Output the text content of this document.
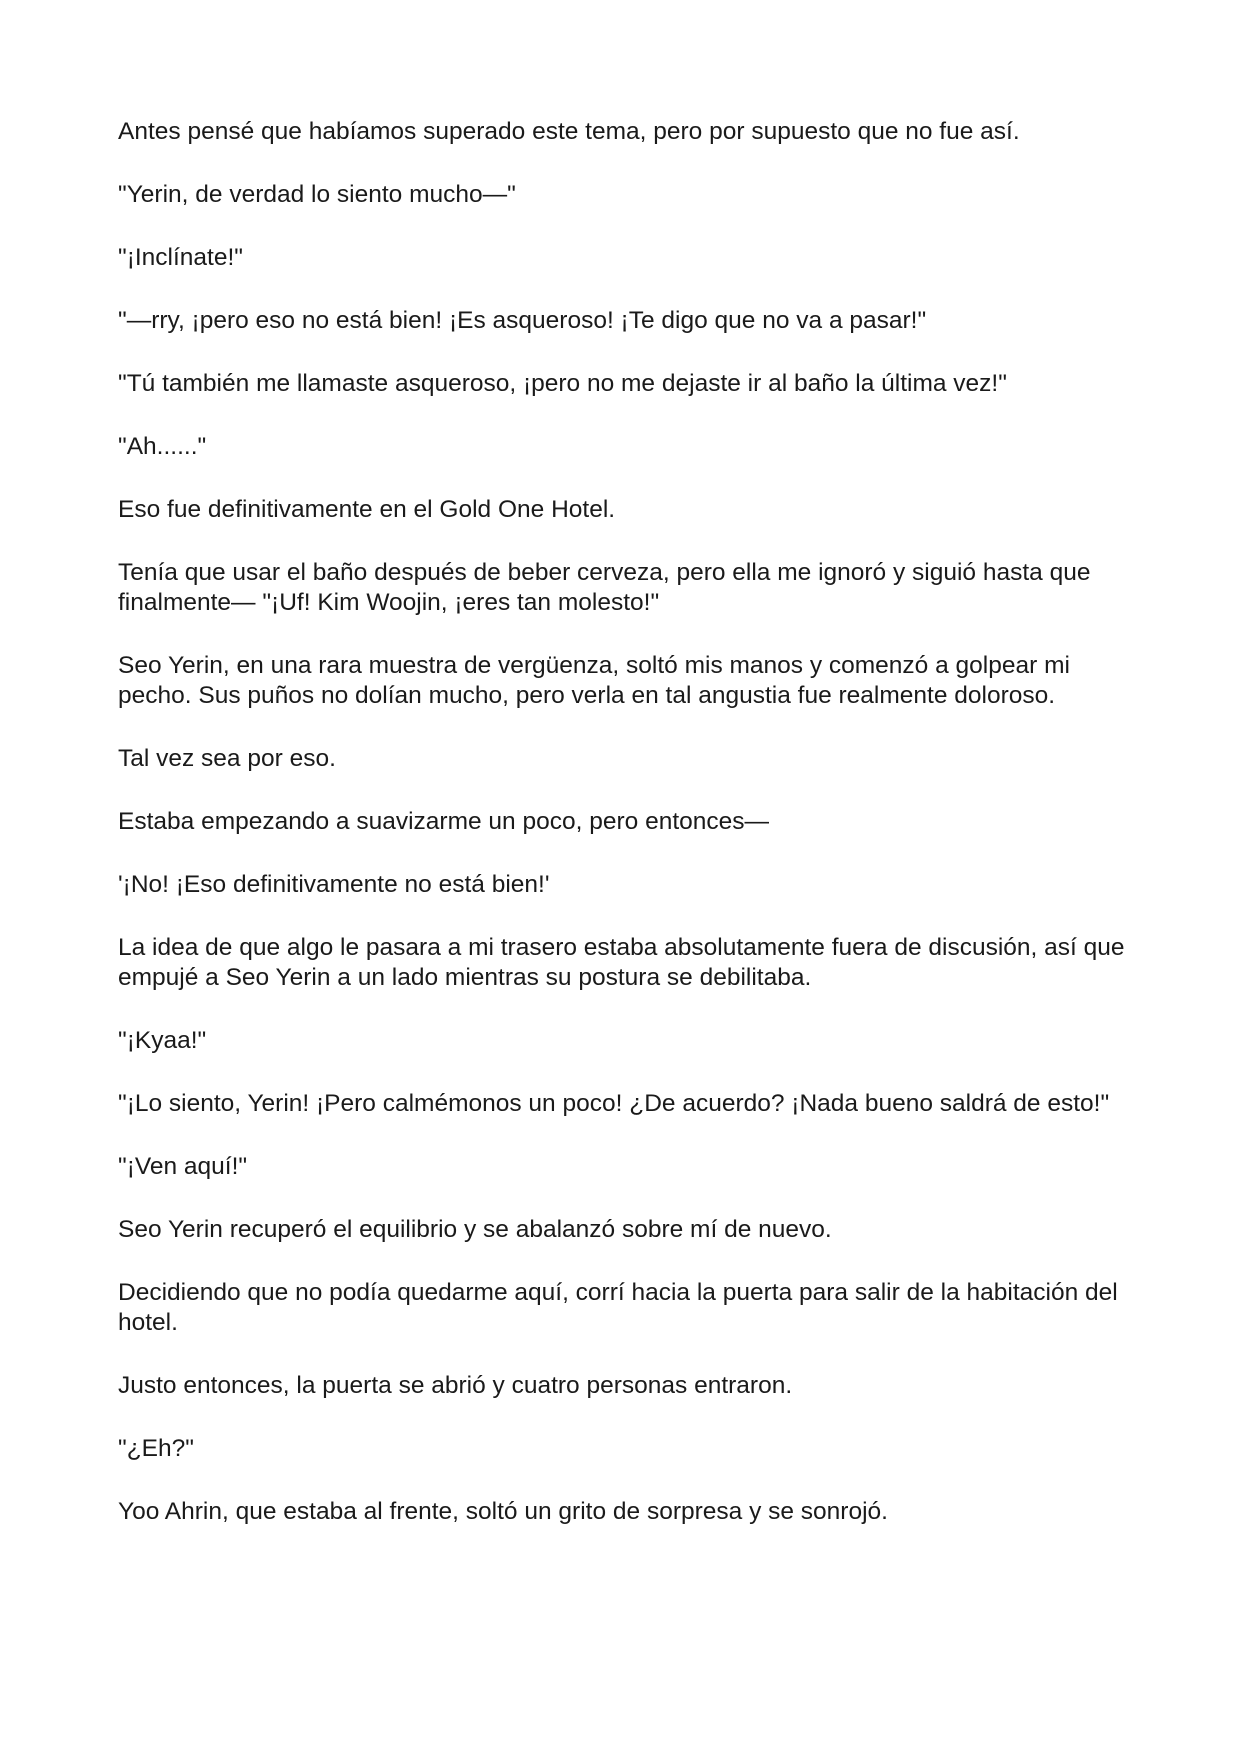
Antes pensé que habíamos superado este tema, pero por supuesto que no fue así.

"Yerin, de verdad lo siento mucho—"

"¡Inclínate!"

"—rry, ¡pero eso no está bien! ¡Es asqueroso! ¡Te digo que no va a pasar!"

"Tú también me llamaste asqueroso, ¡pero no me dejaste ir al baño la última vez!"

"Ah......"

Eso fue definitivamente en el Gold One Hotel.

Tenía que usar el baño después de beber cerveza, pero ella me ignoró y siguió hasta que finalmente— "¡Uf! Kim Woojin, ¡eres tan molesto!"

Seo Yerin, en una rara muestra de vergüenza, soltó mis manos y comenzó a golpear mi pecho. Sus puños no dolían mucho, pero verla en tal angustia fue realmente doloroso.

Tal vez sea por eso.

Estaba empezando a suavizarme un poco, pero entonces—

'¡No! ¡Eso definitivamente no está bien!'

La idea de que algo le pasara a mi trasero estaba absolutamente fuera de discusión, así que empujé a Seo Yerin a un lado mientras su postura se debilitaba.

"¡Kyaa!"

"¡Lo siento, Yerin! ¡Pero calmémonos un poco! ¿De acuerdo? ¡Nada bueno saldrá de esto!"

"¡Ven aquí!"

Seo Yerin recuperó el equilibrio y se abalanzó sobre mí de nuevo.

Decidiendo que no podía quedarme aquí, corrí hacia la puerta para salir de la habitación del hotel.

Justo entonces, la puerta se abrió y cuatro personas entraron.

"¿Eh?"

Yoo Ahrin, que estaba al frente, soltó un grito de sorpresa y se sonrojó.
